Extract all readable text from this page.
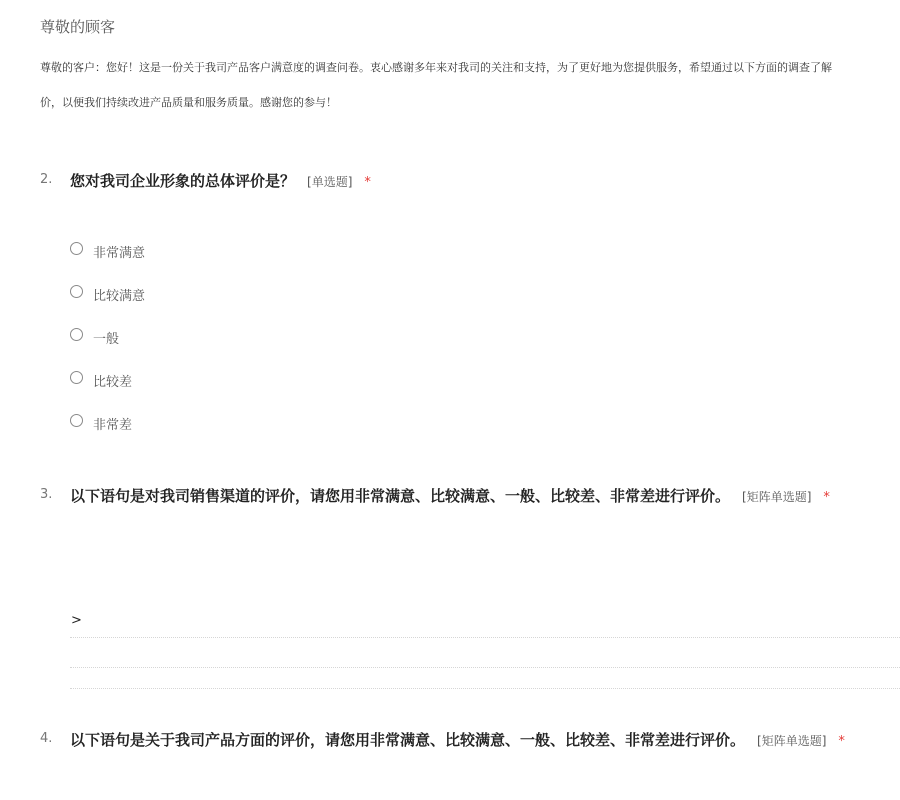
尊敬的顾客
尊敬的客户：您好！这是一份关于我司产品客户满意度的调查问卷。衷心感谢多年来对我司的关注和支持，为了更好地为您提供服务，希望通过以下方面的调查了解
价，以便我们持续改进产品质量和服务质量。感谢您的参与！
2. 您对我司企业形象的总体评价是？ [单选题] *
非常满意
比较满意
一般
比较差
非常差
3. 以下语句是对我司销售渠道的评价，请您用非常满意、比较满意、一般、比较差、非常差进行评价。 [矩阵单选题] *
>
4. 以下语句是关于我司产品方面的评价，请您用非常满意、比较满意、一般、比较差、非常差进行评价。 [矩阵单选题] *
